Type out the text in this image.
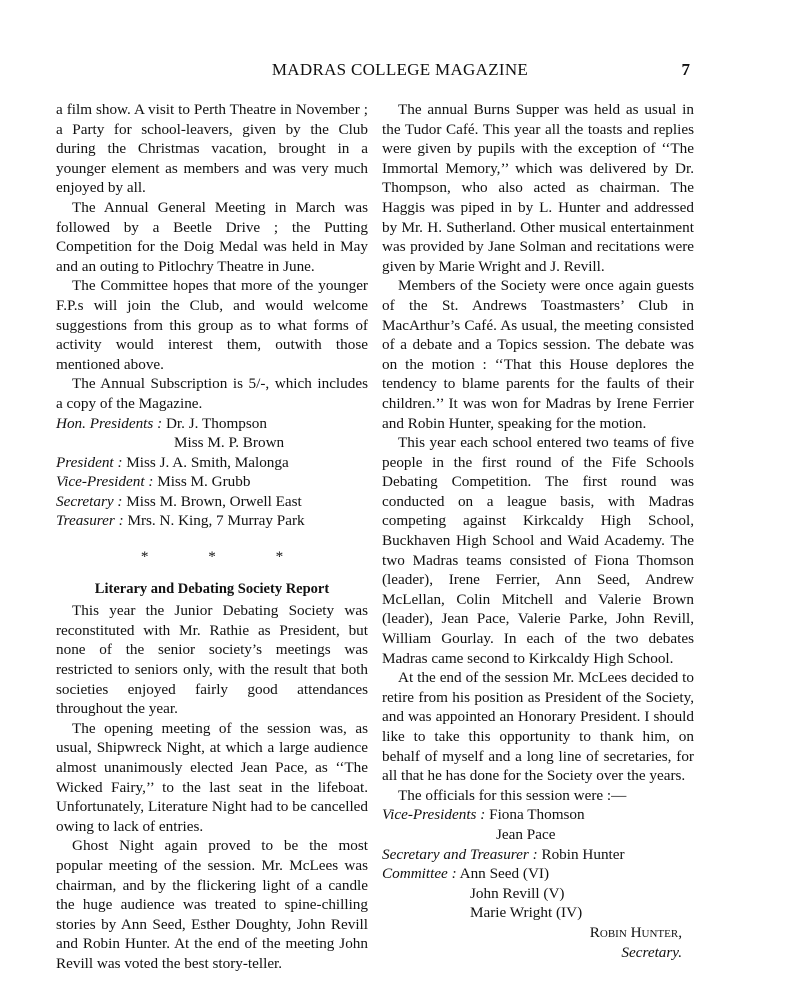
MADRAS COLLEGE MAGAZINE	7

a film show. A visit to Perth Theatre in November ; a Party for school-leavers, given by the Club during the Christmas vacation, brought in a younger element as members and was very much enjoyed by all.

The Annual General Meeting in March was followed by a Beetle Drive ; the Putting Competition for the Doig Medal was held in May and an outing to Pitlochry Theatre in June.

The Committee hopes that more of the younger F.P.s will join the Club, and would welcome suggestions from this group as to what forms of activity would interest them, outwith those mentioned above.

The Annual Subscription is 5/-, which includes a copy of the Magazine.

Hon. Presidents : Dr. J. Thompson
Miss M. P. Brown
President : Miss J. A. Smith, Malonga
Vice-President : Miss M. Grubb
Secretary : Miss M. Brown, Orwell East
Treasurer : Mrs. N. King, 7 Murray Park
* * *
Literary and Debating Society Report

This year the Junior Debating Society was reconstituted with Mr. Rathie as President, but none of the senior society’s meetings was restricted to seniors only, with the result that both societies enjoyed fairly good attendances throughout the year.

The opening meeting of the session was, as usual, Shipwreck Night, at which a large audience almost unanimously elected Jean Pace, as ‘‘The Wicked Fairy,’’ to the last seat in the lifeboat. Unfortunately, Literature Night had to be cancelled owing to lack of entries.

Ghost Night again proved to be the most popular meeting of the session. Mr. McLees was chairman, and by the flickering light of a candle the huge audience was treated to spine-chilling stories by Ann Seed, Esther Doughty, John Revill and Robin Hunter. At the end of the meeting John Revill was voted the best story-teller.

The annual Burns Supper was held as usual in the Tudor Café. This year all the toasts and replies were given by pupils with the exception of ‘‘The Immortal Memory,’’ which was delivered by Dr. Thompson, who also acted as chairman. The Haggis was piped in by L. Hunter and addressed by Mr. H. Sutherland. Other musical entertainment was provided by Jane Solman and recitations were given by Marie Wright and J. Revill.

Members of the Society were once again guests of the St. Andrews Toastmasters’ Club in MacArthur’s Café. As usual, the meeting consisted of a debate and a Topics session. The debate was on the motion : ‘‘That this House deplores the tendency to blame parents for the faults of their children.’’ It was won for Madras by Irene Ferrier and Robin Hunter, speaking for the motion.

This year each school entered two teams of five people in the first round of the Fife Schools Debating Competition. The first round was conducted on a league basis, with Madras competing against Kirkcaldy High School, Buckhaven High School and Waid Academy. The two Madras teams consisted of Fiona Thomson (leader), Irene Ferrier, Ann Seed, Andrew McLellan, Colin Mitchell and Valerie Brown (leader), Jean Pace, Valerie Parke, John Revill, William Gourlay. In each of the two debates Madras came second to Kirkcaldy High School.

At the end of the session Mr. McLees decided to retire from his position as President of the Society, and was appointed an Honorary President. I should like to take this opportunity to thank him, on behalf of myself and a long line of secretaries, for all that he has done for the Society over the years.

The officials for this session were :—

Vice-Presidents : Fiona Thomson
Jean Pace
Secretary and Treasurer : Robin Hunter
Committee : Ann Seed (VI)
John Revill (V)
Marie Wright (IV)
Robin Hunter,
Secretary.
